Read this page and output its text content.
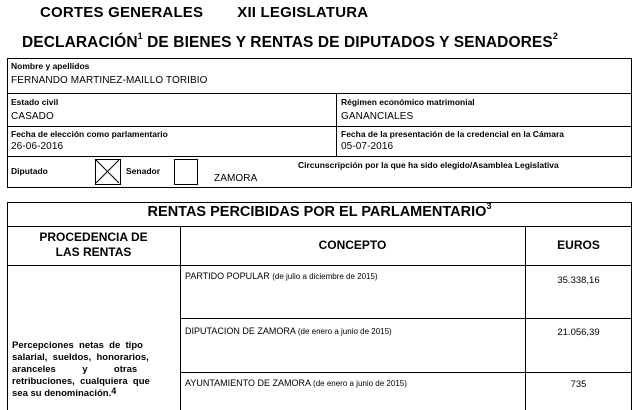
CORTES GENERALES XII LEGISLATURA
DECLARACIÓN$^1$ DE BIENES Y RENTAS DE DIPUTADOS Y SENADORES$^2$
Nombre y apellidos
FERNANDO MARTINEZ-MAILLO TORIBIO
Estado civil
CASADO
Régimen económico matrimonial
GANANCIALES
Fecha de elección como parlamentario
26-06-2016
Fecha de la presentación de la credencial en la Cámara
05-07-2016
Diputado	Senador
Circunscripción por la que ha sido elegido/Asamblea Legislativa
ZAMORA
RENTAS PERCIBIDAS POR EL PARLAMENTARIO$^3$
PROCEDENCIA DE
LAS RENTAS	CONCEPTO	EUROS
Percepciones  netas  de  tipo
salarial,  sueldos,  honorarios,
aranceles          y          otras
retribuciones,  cualquiera  que
sea su denominación.$^4$
PARTIDO POPULAR (de julio a diciembre de 2015)	35.338,16
DIPUTACION DE ZAMORA (de enero a junio de 2015)	21.056,39
AYUNTAMIENTO DE ZAMORA (de enero a junio de 2015)	735
